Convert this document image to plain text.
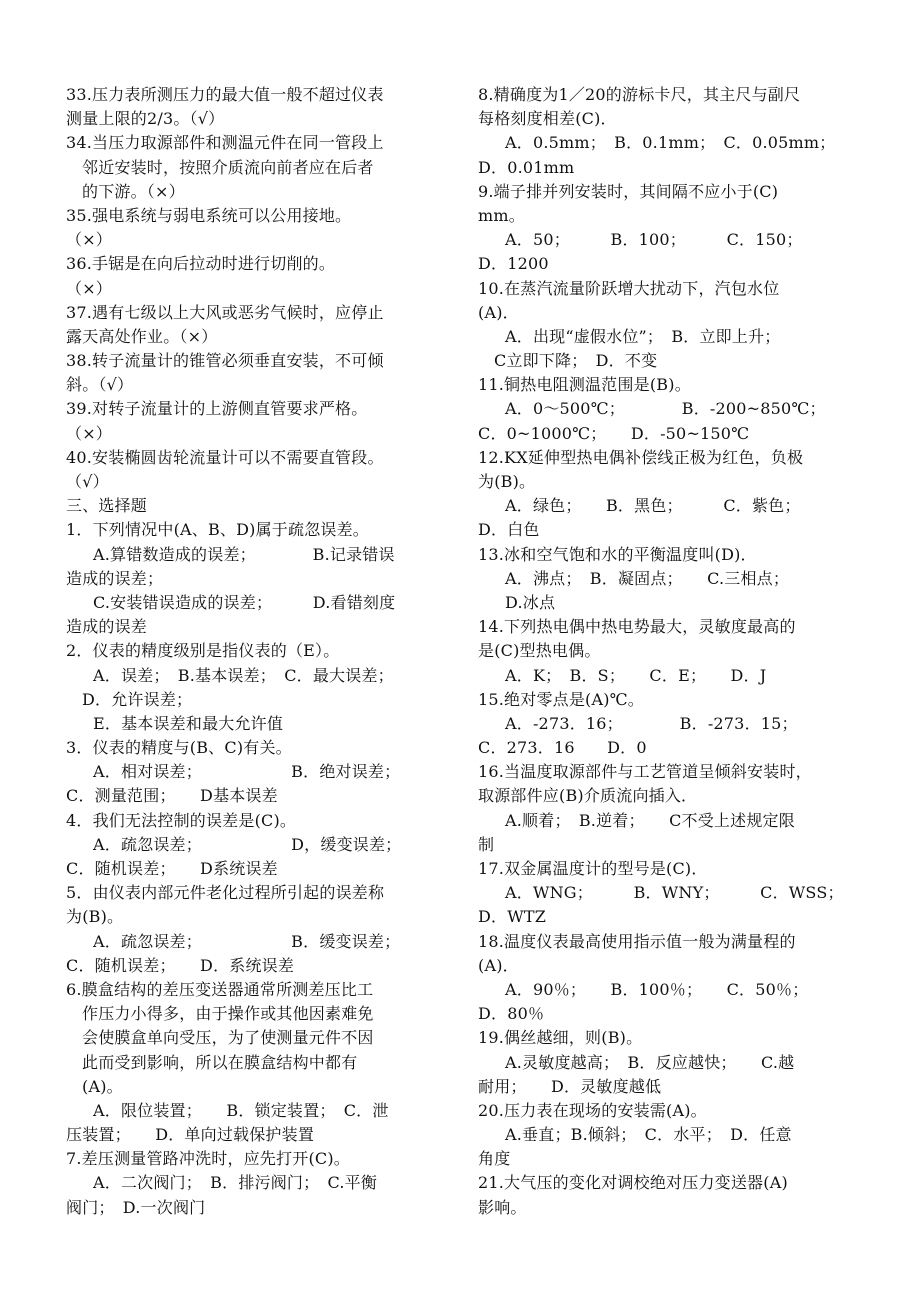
33.压力表所测压力的最大值一般不超过仪表
测量上限的2/3。（√）
34.当压力取源部件和测温元件在同一管段上
邻近安装时，按照介质流向前者应在后者
的下游。（×）
35.强电系统与弱电系统可以公用接地。
（×）
36.手锯是在向后拉动时进行切削的。
（×）
37.遇有七级以上大风或恶劣气候时，应停止
露天高处作业。（×）
38.转子流量计的锥管必须垂直安装，不可倾
斜。（√）
39.对转子流量计的上游侧直管要求严格。
（×）
40.安装椭圆齿轮流量计可以不需要直管段。
（√）
三、选择题
1．下列情况中(A、B、D)属于疏忽误差。
A.算错数造成的误差；　　　　B.记录错误
造成的误差；
C.安装错误造成的误差；　　　D.看错刻度
造成的误差
2．仪表的精度级别是指仪表的（E）。
A．误差；　B.基本误差；　C．最大误差；
D．允许误差；
E．基本误差和最大允许值
3．仪表的精度与(B、C)有关。
A．相对误差；　　　　　　B．绝对误差；
C．测量范围；　　D基本误差
4．我们无法控制的误差是(C)。
A．疏忽误差；　　　　　　D，缓变误差；
C．随机误差；　　D系统误差
5．由仪表内部元件老化过程所引起的误差称
为(B)。
A．疏忽误差；　　　　　　B．缓变误差；
C．随机误差；　　D．系统误差
6.膜盒结构的差压变送器通常所测差压比工
作压力小得多，由于操作或其他因素难免
会使膜盒单向受压，为了使测量元件不因
此而受到影响，所以在膜盒结构中都有
(A)。
A．限位装置；　　B．锁定装置；　C．泄
压装置；　　D．单向过载保护装置
7.差压测量管路冲洗时，应先打开(C)。
A．二次阀门；　B．排污阀门；　C.平衡
阀门；　D.一次阀门
8.精确度为1／20的游标卡尺，其主尺与副尺
每格刻度相差(C)．
A．0.5mm；　B．0.1mm；　C．0.05mm；
D．0.01mm
9.端子排并列安装时，其间隔不应小于(C)
mm。
A．50；　　　B．100；　　　C．150；
D．1200
10.在蒸汽流量阶跃增大扰动下，汽包水位
(A)．
A．出现“虚假水位”；　B．立即上升；
C立即下降；　D．不变
11.铜热电阻测温范围是(B)。
A．0～500℃；　　　　B．-200~850℃；
C．0~1000℃；　　D．-50~150℃
12.KX延伸型热电偶补偿线正极为红色，负极
为(B)。
A．绿色；　　B．黑色；　　　C．紫色；
D．白色
13.冰和空气饱和水的平衡温度叫(D)．
A．沸点；　B．凝固点；　　C.三相点；
D.冰点
14.下列热电偶中热电势最大，灵敏度最高的
是(C)型热电偶。
A．K；　B．S；　　C．E；　　D．J
15.绝对零点是(A)℃。
A．-273．16；　　　　B．-273．15；
C．273．16　　D．0
16.当温度取源部件与工艺管道呈倾斜安装时，
取源部件应(B)介质流向插入．
A.顺着；　B.逆着；　　C不受上述规定限
制
17.双金属温度计的型号是(C)．
A．WNG；　　　B．WNY；　　　C．WSS；
D．WTZ
18.温度仪表最高使用指示值一般为满量程的
(A)．
A．90％；　　B．100％；　　C．50％；
D．80％
19.偶丝越细，则(B)。
A.灵敏度越高；　B．反应越快；　　C.越
耐用；　　D．灵敏度越低
20.压力表在现场的安装需(A)。
A.垂直；B.倾斜；　C．水平；　D．任意
角度
21.大气压的变化对调校绝对压力变送器(A)
影响。
